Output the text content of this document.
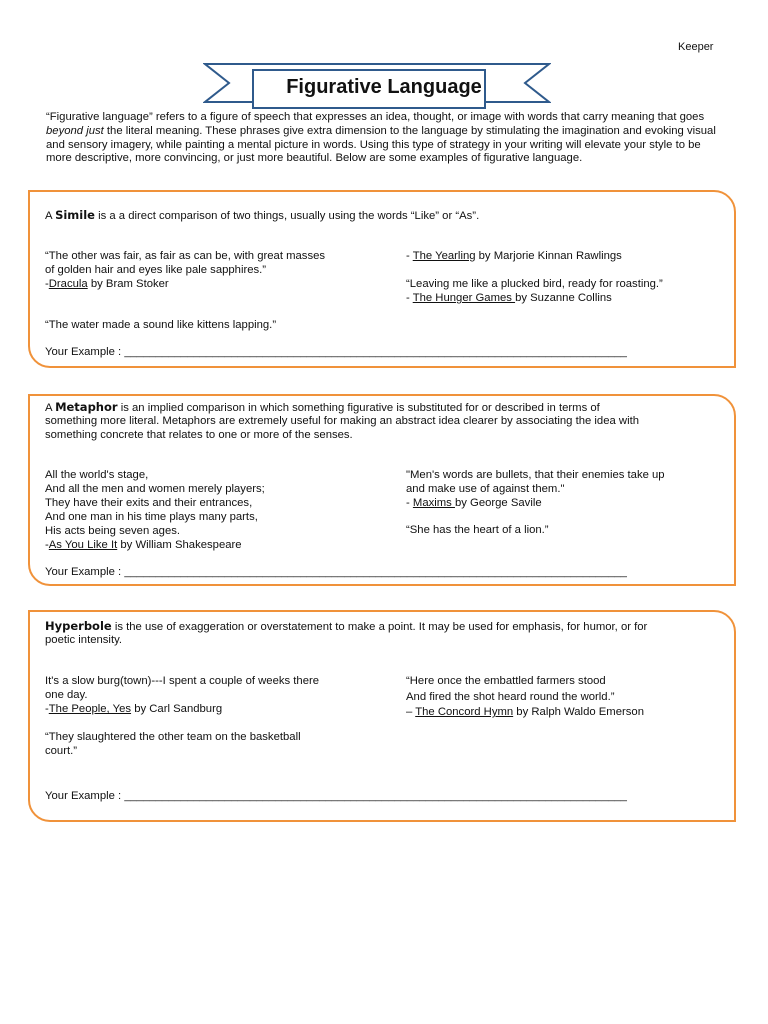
Keeper
Figurative Language
“Figurative language” refers to a figure of speech that expresses an idea, thought, or image with words that carry meaning that goes beyond just the literal meaning. These phrases give extra dimension to the language by stimulating the imagination and evoking visual and sensory imagery, while painting a mental picture in words. Using this type of strategy in your writing will elevate your style to be more descriptive, more convincing, or just more beautiful. Below are some examples of figurative language.
A Simile is a a direct comparison of two things, usually using the words “Like” or “As”.
“The other was fair, as fair as can be, with great masses
of golden hair and eyes like pale sapphires.”
-Dracula by Bram Stoker
- The Yearling by Marjorie Kinnan Rawlings
“Leaving me like a plucked bird, ready for roasting.”
- The Hunger Games by Suzanne Collins
“The water made a sound like kittens lapping.”
Your Example : ________________________________________________________________________________
A Metaphor is an implied comparison in which something figurative is substituted for or described in terms of
something more literal. Metaphors are extremely useful for making an abstract idea clearer by associating the idea with
something concrete that relates to one or more of the senses.
All the world's stage,
And all the men and women merely players;
They have their exits and their entrances,
And one man in his time plays many parts,
His acts being seven ages.
-As You Like It by William Shakespeare
"Men's words are bullets, that their enemies take up
and make use of against them."
- Maxims by George Savile
“She has the heart of a lion.”
Your Example : ________________________________________________________________________________
Hyperbole is the use of exaggeration or overstatement to make a point. It may be used for emphasis, for humor, or for
poetic intensity.
It's a slow burg(town)---I spent a couple of weeks there
one day.
-The People, Yes by Carl Sandburg
“They slaughtered the other team on the basketball
court.”
“Here once the embattled farmers stood
And fired the shot heard round the world.”
– The Concord Hymn by Ralph Waldo Emerson
Your Example : ________________________________________________________________________________
